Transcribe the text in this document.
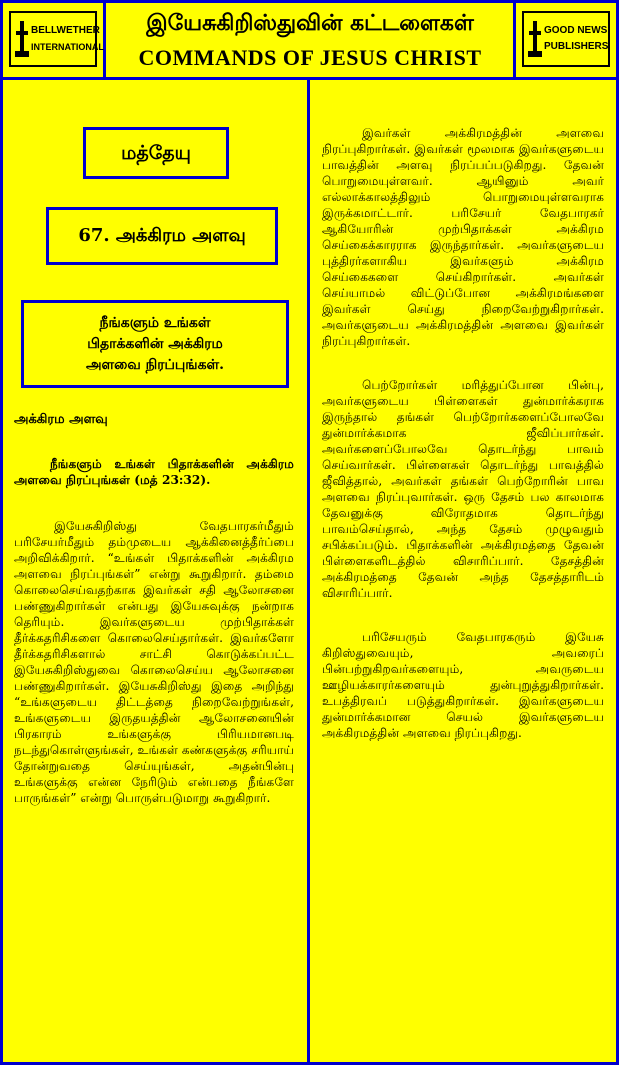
BELLWETHER
INTERNATIONAL
இயேசுகிறிஸ்துவின் கட்டளைகள்
COMMANDS OF JESUS CHRIST
GOOD NEWS
PUBLISHERS
மத்தேயு
67. அக்கிரம அளவு
நீங்களும் உங்கள்
பிதாக்களின் அக்கிரம
அளவை நிரப்புங்கள்.
அக்கிரம அளவு
நீங்களும் உங்கள் பிதாக்களின் அக்கிரம அளவை நிரப்புங்கள் (மத் 23:32).
இயேசுகிறிஸ்து வேதபாரகர்மீதும் பரிசேயர்மீதும் தம்முடைய ஆக்கினைத்தீர்ப்பை அறிவிக்கிறார். “உங்கள் பிதாக்களின் அக்கிரம அளவை நிரப்புங்கள்” என்று கூறுகிறார். தம்மை கொலைசெய்வதற்காக இவர்கள் சதி ஆலோசனை பண்ணுகிறார்கள் என்பது இயேசுவுக்கு நன்றாக தெரியும். இவர்களுடைய முற்பிதாக்கள் தீர்க்கதரிசிகளை கொலைசெய்தார்கள். இவர்களோ தீர்க்கதரிசிகளால் சாட்சி கொடுக்கப்பட்ட இயேசுகிறிஸ்துவை கொலைசெய்ய ஆலோசனை பண்ணுகிறார்கள். இயேசுகிறிஸ்து இதை அறிந்து “உங்களுடைய திட்டத்தை நிறைவேற்றுங்கள், உங்களுடைய இருதயத்தின் ஆலோசனையின் பிரகாரம் உங்களுக்கு பிரியமானபடி நடந்துகொள்ளுங்கள், உங்கள் கண்களுக்கு சரியாய் தோன்றுவதை செய்யுங்கள், அதன்பின்பு உங்களுக்கு என்ன நேரிடும் என்பதை நீங்களே பாருங்கள்” என்று பொருள்படுமாறு கூறுகிறார்.
இவர்கள் அக்கிரமத்தின் அளவை நிரப்புகிறார்கள். இவர்கள் மூலமாக இவர்களுடைய பாவத்தின் அளவு நிரப்பப்படுகிறது. தேவன் பொறுமையுள்ளவர். ஆயினும் அவர் எல்லாக்காலத்திலும் பொறுமையுள்ளவராக இருக்கமாட்டார். பரிசேயர் வேதபாரகர் ஆகியோரின் முற்பிதாக்கள் அக்கிரம செய்கைக்காரராக இருந்தார்கள். அவர்களுடைய புத்திரர்களாகிய இவர்களும் அக்கிரம செய்கைகளை செய்கிறார்கள். அவர்கள் செய்யாமல் விட்டுப்போன அக்கிரமங்களை இவர்கள் செய்து நிறைவேற்றுகிறார்கள். அவர்களுடைய அக்கிரமத்தின் அளவை இவர்கள் நிரப்புகிறார்கள்.
பெற்றோர்கள் மரித்துப்போன பின்பு, அவர்களுடைய பிள்ளைகள் துன்மார்க்கராக இருந்தால் தங்கள் பெற்றோர்களைப்போலவே துன்மார்க்கமாக ஜீவிப்பார்கள். அவர்களைப்போலவே தொடர்ந்து பாவம் செய்வார்கள். பிள்ளைகள் தொடர்ந்து பாவத்தில் ஜீவித்தால், அவர்கள் தங்கள் பெற்றோரின் பாவ அளவை நிரப்புவார்கள். ஒரு தேசம் பல காலமாக தேவனுக்கு விரோதமாக தொடர்ந்து பாவம்செய்தால், அந்த தேசம் முழுவதும் சபிக்கப்படும். பிதாக்களின் அக்கிரமத்தை தேவன் பிள்ளைகளிடத்தில் விசாரிப்பார். தேசத்தின் அக்கிரமத்தை தேவன் அந்த தேசத்தாரிடம் விசாரிப்பார்.
பரிசேயரும் வேதபாரகரும் இயேசு கிறிஸ்துவையும், அவரைப் பின்பற்றுகிறவர்களையும், அவருடைய ஊழியக்காரர்களையும் துன்புறுத்துகிறார்கள். உபத்திரவப் படுத்துகிறார்கள். இவர்களுடைய துன்மார்க்கமான செயல் இவர்களுடைய அக்கிரமத்தின் அளவை நிரப்புகிறது.
